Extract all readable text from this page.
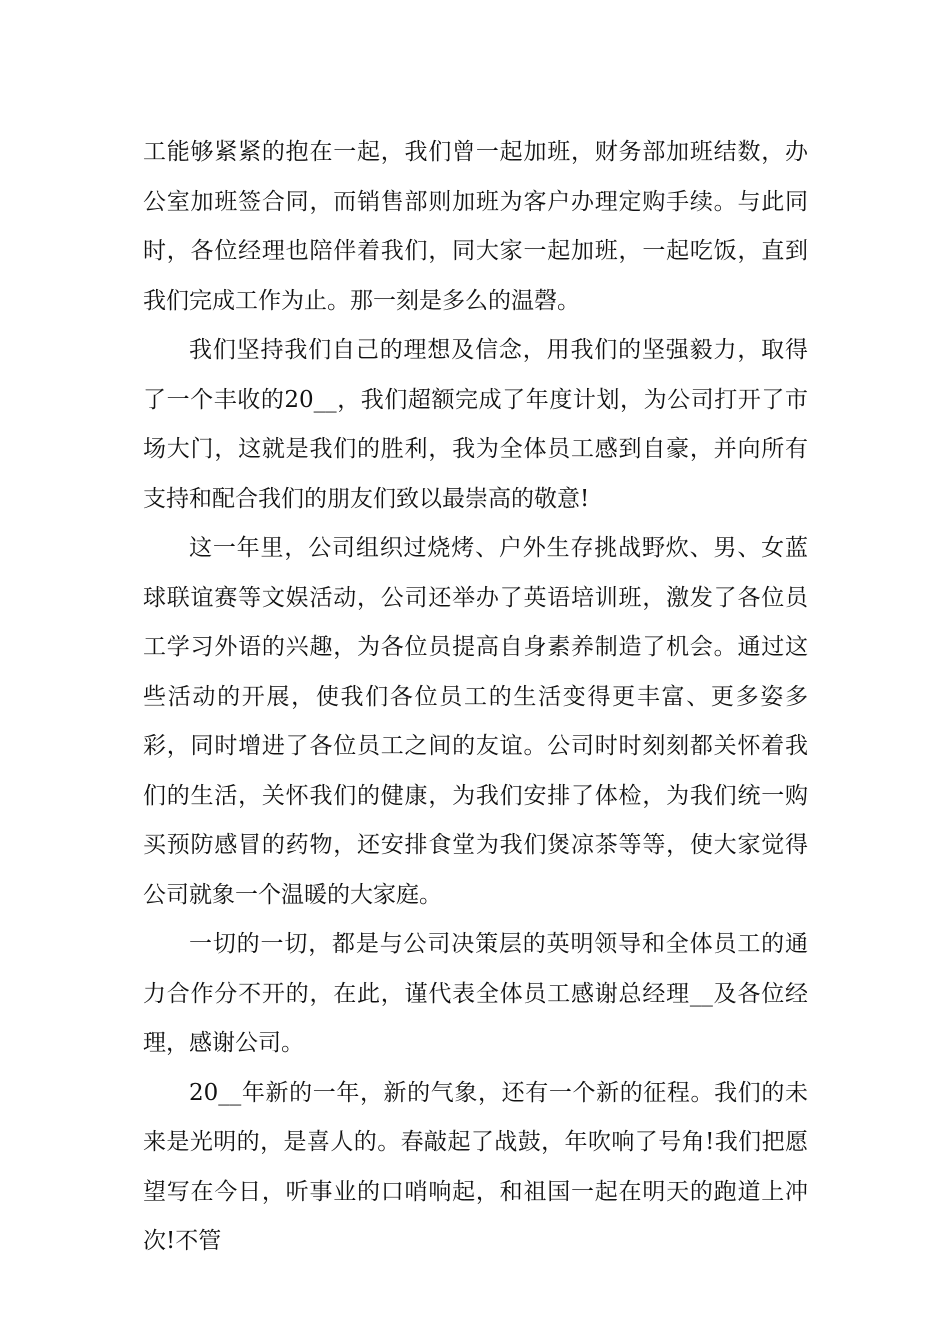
工能够紧紧的抱在一起，我们曾一起加班，财务部加班结数，办公室加班签合同，而销售部则加班为客户办理定购手续。与此同时，各位经理也陪伴着我们，同大家一起加班，一起吃饭，直到我们完成工作为止。那一刻是多么的温磬。

我们坚持我们自己的理想及信念，用我们的坚强毅力，取得了一个丰收的20__，我们超额完成了年度计划，为公司打开了市场大门，这就是我们的胜利，我为全体员工感到自豪，并向所有支持和配合我们的朋友们致以最崇高的敬意!

这一年里，公司组织过烧烤、户外生存挑战野炊、男、女蓝球联谊赛等文娱活动，公司还举办了英语培训班，激发了各位员工学习外语的兴趣，为各位员提高自身素养制造了机会。通过这些活动的开展，使我们各位员工的生活变得更丰富、更多姿多彩，同时增进了各位员工之间的友谊。公司时时刻刻都关怀着我们的生活，关怀我们的健康，为我们安排了体检，为我们统一购买预防感冒的药物，还安排食堂为我们煲凉茶等等，使大家觉得公司就象一个温暖的大家庭。

一切的一切，都是与公司决策层的英明领导和全体员工的通力合作分不开的，在此，谨代表全体员工感谢总经理__及各位经理，感谢公司。

20__年新的一年，新的气象，还有一个新的征程。我们的未来是光明的，是喜人的。春敲起了战鼓，年吹响了号角!我们把愿望写在今日，听事业的口哨响起，和祖国一起在明天的跑道上冲次!不管
